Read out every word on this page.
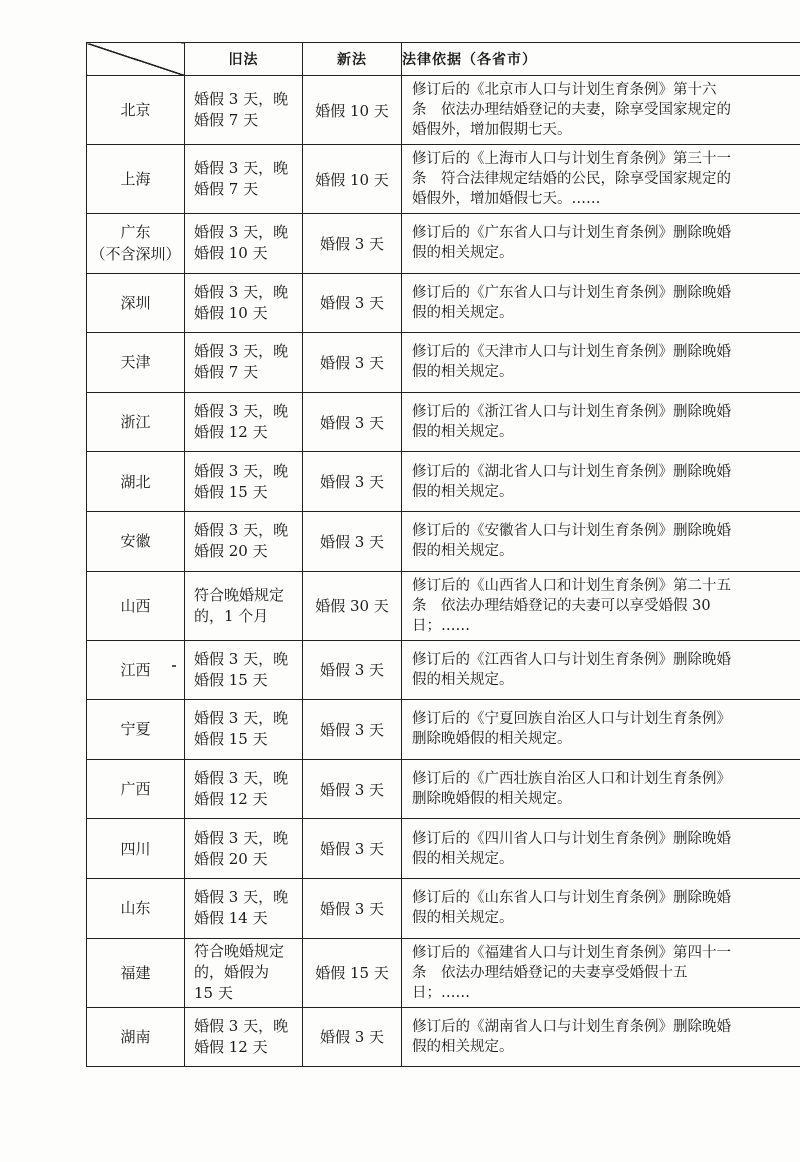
	旧法	新法	法律依据（各省市）

北京	婚假 3 天，晚
婚假 7 天	婚假 10 天	修订后的《北京市人口与计划生育条例》第十六
条　依法办理结婚登记的夫妻，除享受国家规定的
婚假外，增加假期七天。

上海	婚假 3 天，晚
婚假 7 天	婚假 10 天	修订后的《上海市人口与计划生育条例》第三十一
条　符合法律规定结婚的公民，除享受国家规定的
婚假外，增加婚假七天。……

广东
（不含深圳）	婚假 3 天，晚
婚假 10 天	婚假 3 天	修订后的《广东省人口与计划生育条例》删除晚婚
假的相关规定。

深圳	婚假 3 天，晚
婚假 10 天	婚假 3 天	修订后的《广东省人口与计划生育条例》删除晚婚
假的相关规定。

天津	婚假 3 天，晚
婚假 7 天	婚假 3 天	修订后的《天津市人口与计划生育条例》删除晚婚
假的相关规定。

浙江	婚假 3 天，晚
婚假 12 天	婚假 3 天	修订后的《浙江省人口与计划生育条例》删除晚婚
假的相关规定。

湖北	婚假 3 天，晚
婚假 15 天	婚假 3 天	修订后的《湖北省人口与计划生育条例》删除晚婚
假的相关规定。

安徽	婚假 3 天，晚
婚假 20 天	婚假 3 天	修订后的《安徽省人口与计划生育条例》删除晚婚
假的相关规定。

山西	符合晚婚规定
的，1 个月	婚假 30 天	修订后的《山西省人口和计划生育条例》第二十五
条　依法办理结婚登记的夫妻可以享受婚假 30
日；……

江西	婚假 3 天，晚
婚假 15 天	婚假 3 天	修订后的《江西省人口与计划生育条例》删除晚婚
假的相关规定。

宁夏	婚假 3 天，晚
婚假 15 天	婚假 3 天	修订后的《宁夏回族自治区人口与计划生育条例》
删除晚婚假的相关规定。

广西	婚假 3 天，晚
婚假 12 天	婚假 3 天	修订后的《广西壮族自治区人口和计划生育条例》
删除晚婚假的相关规定。

四川	婚假 3 天，晚
婚假 20 天	婚假 3 天	修订后的《四川省人口与计划生育条例》删除晚婚
假的相关规定。

山东	婚假 3 天，晚
婚假 14 天	婚假 3 天	修订后的《山东省人口与计划生育条例》删除晚婚
假的相关规定。

福建	符合晚婚规定
的，婚假为
15 天	婚假 15 天	修订后的《福建省人口与计划生育条例》第四十一
条　依法办理结婚登记的夫妻享受婚假十五
日；……

湖南	婚假 3 天，晚
婚假 12 天	婚假 3 天	修订后的《湖南省人口与计划生育条例》删除晚婚
假的相关规定。
